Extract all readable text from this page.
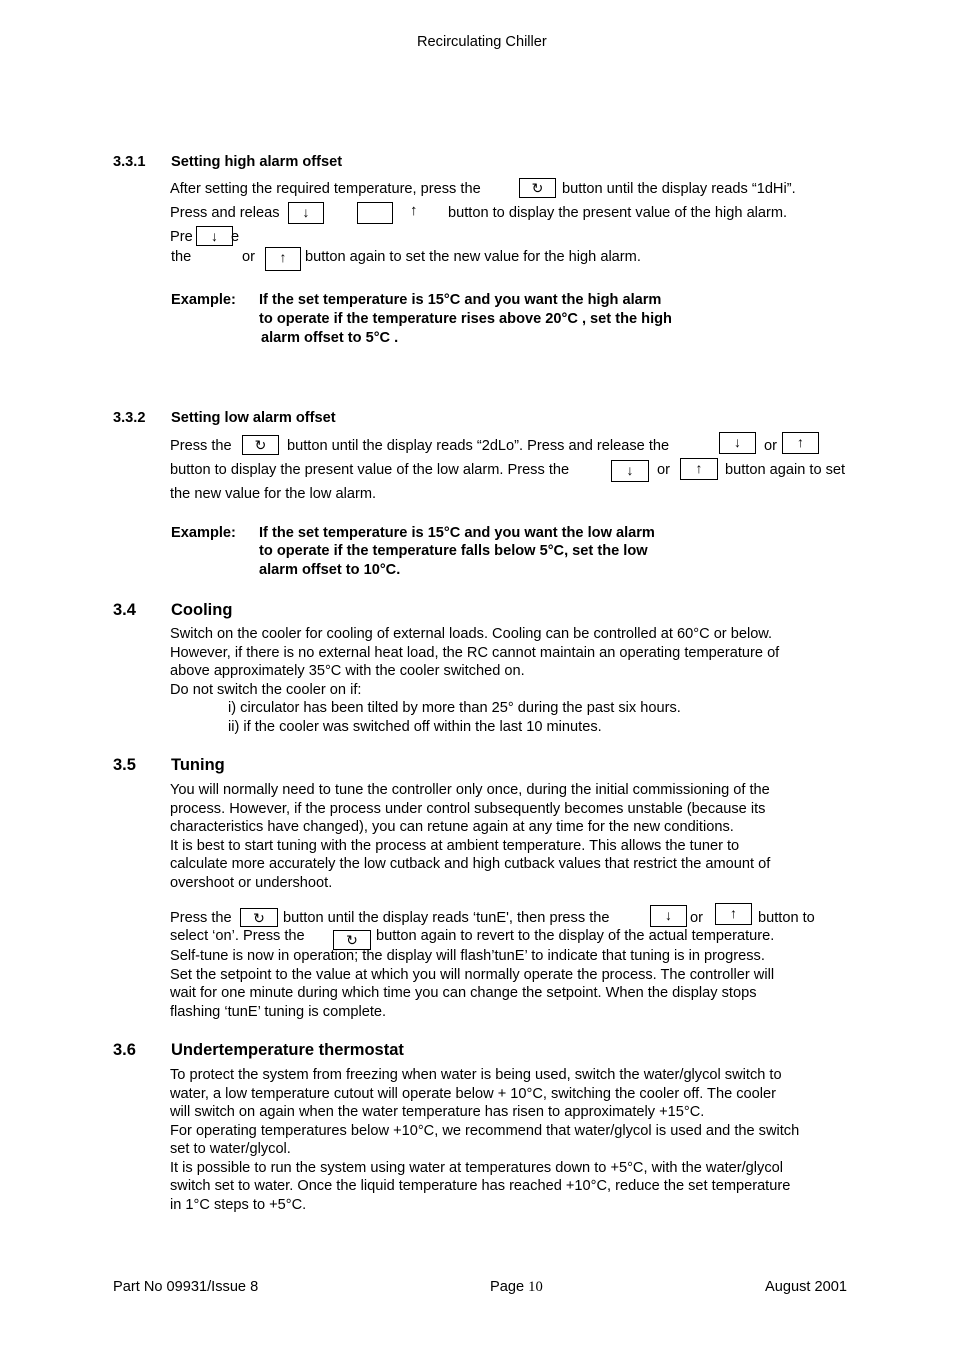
Recirculating Chiller
3.3.1 Setting high alarm offset
After setting the required temperature, press the	↻	button until the display reads “1dHi”.
Press and releas	↓	↑ button to display the present value of the high alarm.
Pre	↓ e
the	or	↑	button again to set the new value for the high alarm.
Example: If the set temperature is 15°C and you want the high alarm
to operate if the temperature rises above 20°C , set the high
alarm offset to 5°C .
3.3.2 Setting low alarm offset
Press the	↻	button until the display reads “2dLo”. Press and release the	↓	or	↑
button to display the present value of the low alarm. Press the	↓	or	↑	button again to set
the new value for the low alarm.
Example: If the set temperature is 15°C and you want the low alarm
to operate if the temperature falls below 5°C, set the low
alarm offset to 10°C.
3.4 Cooling
Switch on the cooler for cooling of external loads. Cooling can be controlled at 60°C or below.
However, if there is no external heat load, the RC cannot maintain an operating temperature of
above approximately 35°C with the cooler switched on.
Do not switch the cooler on if:
i) circulator has been tilted by more than 25° during the past six hours.
ii) if the cooler was switched off within the last 10 minutes.
3.5 Tuning
You will normally need to tune the controller only once, during the initial commissioning of the
process. However, if the process under control subsequently becomes unstable (because its
characteristics have changed), you can retune again at any time for the new conditions.
It is best to start tuning with the process at ambient temperature. This allows the tuner to
calculate more accurately the low cutback and high cutback values that restrict the amount of
overshoot or undershoot.
Press the	↻	button until the display reads ‘tunE', then press the	↓	or	↑	button to
select ‘on’. Press the	↻	button again to revert to the display of the actual temperature.
Self-tune is now in operation; the display will flash’tunE’ to indicate that tuning is in progress.
Set the setpoint to the value at which you will normally operate the process. The controller will
wait for one minute during which time you can change the setpoint. When the display stops
flashing ‘tunE’ tuning is complete.
3.6 Undertemperature thermostat
To protect the system from freezing when water is being used, switch the water/glycol switch to
water, a low temperature cutout will operate below + 10°C, switching the cooler off. The cooler
will switch on again when the water temperature has risen to approximately +15°C.
For operating temperatures below +10°C, we recommend that water/glycol is used and the switch
set to water/glycol.
It is possible to run the system using water at temperatures down to +5°C, with the water/glycol
switch set to water. Once the liquid temperature has reached +10°C, reduce the set temperature
in 1°C steps to +5°C.
Part No 09931/Issue 8	Page 10	August 2001
